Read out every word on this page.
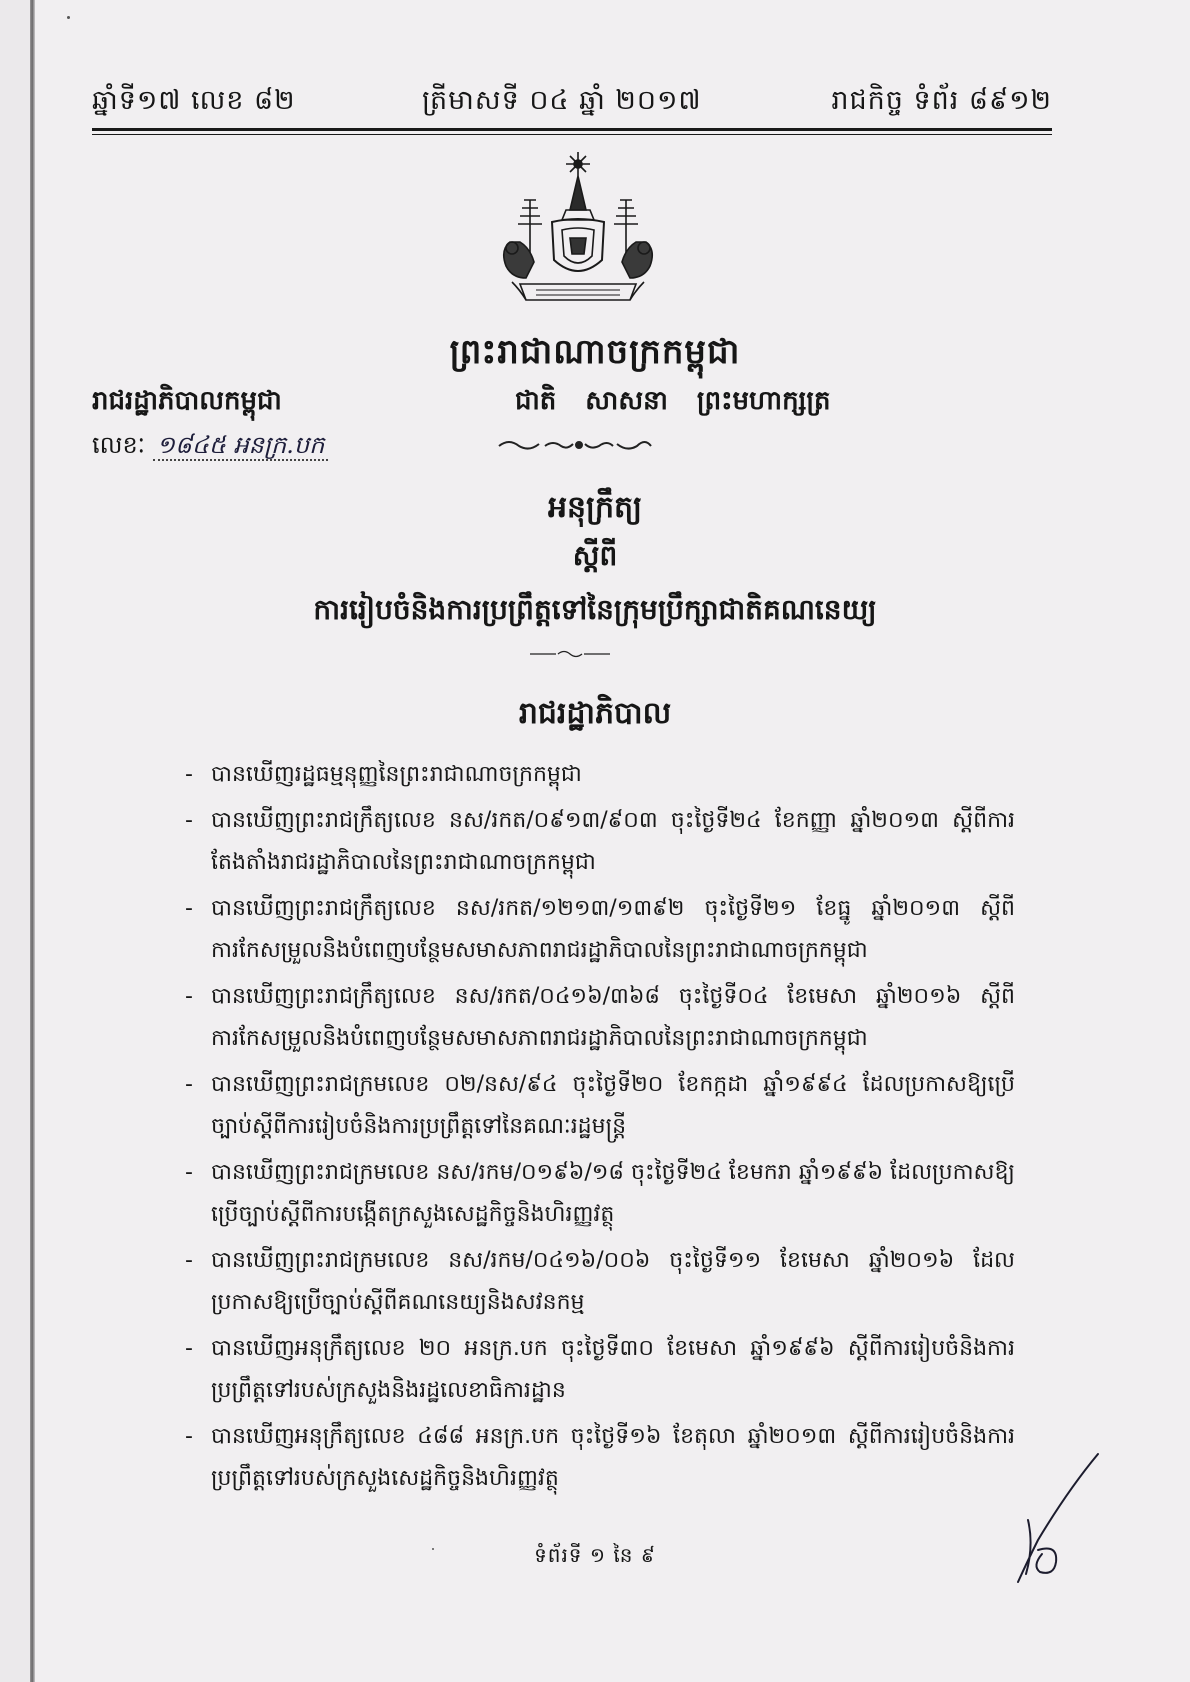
ឆ្នាំទី១៧ លេខ ៨២	ត្រីមាសទី ០៤ ឆ្នាំ ២០១៧	រាជកិច្ច ទំព័រ ៨៩១២
ព្រះរាជាណាចក្រកម្ពុជា
រាជរដ្ឋាភិបាលកម្ពុជា	ជាតិ សាសនា ព្រះមហាក្សត្រ
លេខៈ ១៨៤៥ អនក្រ.បក
អនុក្រឹត្យ
ស្តីពី
ការរៀបចំនិងការប្រព្រឹត្តទៅនៃក្រុមប្រឹក្សាជាតិគណនេយ្យ
រាជរដ្ឋាភិបាល
- បានឃើញរដ្ឋធម្មនុញ្ញនៃព្រះរាជាណាចក្រកម្ពុជា
- បានឃើញព្រះរាជក្រឹត្យលេខ នស/រកត/០៩១៣/៩០៣ ចុះថ្ងៃទី២៤ ខែកញ្ញា ឆ្នាំ២០១៣ ស្តីពីការតែងតាំងរាជរដ្ឋាភិបាលនៃព្រះរាជាណាចក្រកម្ពុជា
- បានឃើញព្រះរាជក្រឹត្យលេខ នស/រកត/១២១៣/១៣៩២ ចុះថ្ងៃទី២១ ខែធ្នូ ឆ្នាំ២០១៣ ស្តីពីការកែសម្រួលនិងបំពេញបន្ថែមសមាសភាពរាជរដ្ឋាភិបាលនៃព្រះរាជាណាចក្រកម្ពុជា
- បានឃើញព្រះរាជក្រឹត្យលេខ នស/រកត/០៤១៦/៣៦៨ ចុះថ្ងៃទី០៤ ខែមេសា ឆ្នាំ២០១៦ ស្តីពីការកែសម្រួលនិងបំពេញបន្ថែមសមាសភាពរាជរដ្ឋាភិបាលនៃព្រះរាជាណាចក្រកម្ពុជា
- បានឃើញព្រះរាជក្រមលេខ ០២/នស/៩៤ ចុះថ្ងៃទី២០ ខែកក្កដា ឆ្នាំ១៩៩៤ ដែលប្រកាសឱ្យប្រើច្បាប់ស្តីពីការរៀបចំនិងការប្រព្រឹត្តទៅនៃគណៈរដ្ឋមន្ត្រី
- បានឃើញព្រះរាជក្រមលេខ នស/រកម/០១៩៦/១៨ ចុះថ្ងៃទី២៤ ខែមករា ឆ្នាំ១៩៩៦ ដែលប្រកាសឱ្យប្រើច្បាប់ស្តីពីការបង្កើតក្រសួងសេដ្ឋកិច្ចនិងហិរញ្ញវត្ថុ
- បានឃើញព្រះរាជក្រមលេខ នស/រកម/០៤១៦/០០៦ ចុះថ្ងៃទី១១ ខែមេសា ឆ្នាំ២០១៦ ដែលប្រកាសឱ្យប្រើច្បាប់ស្តីពីគណនេយ្យនិងសវនកម្ម
- បានឃើញអនុក្រឹត្យលេខ ២០ អនក្រ.បក ចុះថ្ងៃទី៣០ ខែមេសា ឆ្នាំ១៩៩៦ ស្តីពីការរៀបចំនិងការប្រព្រឹត្តទៅរបស់ក្រសួងនិងរដ្ឋលេខាធិការដ្ឋាន
- បានឃើញអនុក្រឹត្យលេខ ៤៨៨ អនក្រ.បក ចុះថ្ងៃទី១៦ ខែតុលា ឆ្នាំ២០១៣ ស្តីពីការរៀបចំនិងការប្រព្រឹត្តទៅរបស់ក្រសួងសេដ្ឋកិច្ចនិងហិរញ្ញវត្ថុ
ទំព័រទី ១ នៃ ៩
